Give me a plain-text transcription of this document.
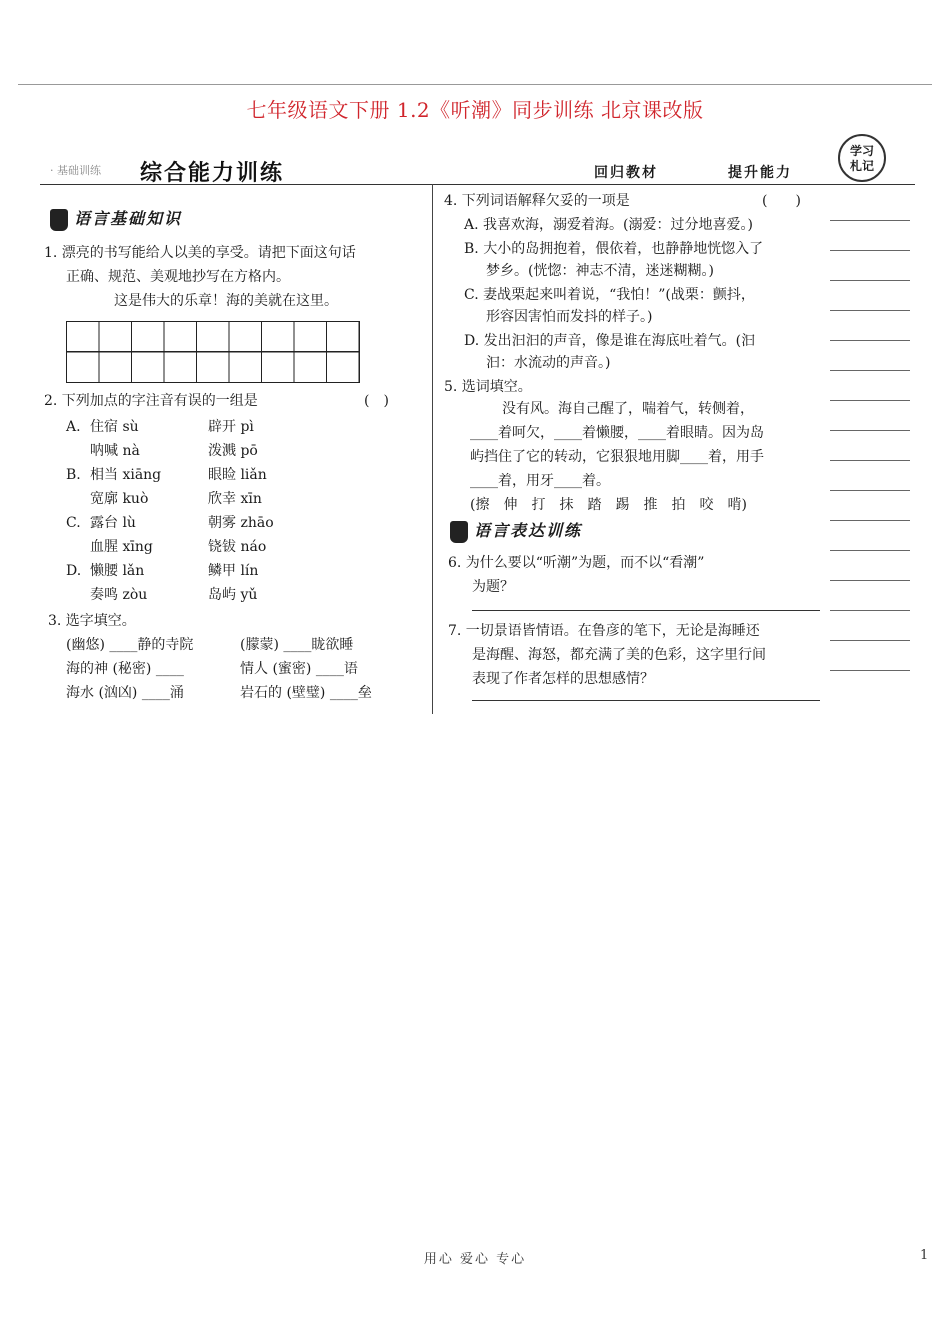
七年级语文下册 1.2《听潮》同步训练 北京课改版
· 基础训练 综合能力训练	回归教材	提升能力
学习
札记
语言基础知识
1. 漂亮的书写能给人以美的享受。请把下面这句话
正确、规范、美观地抄写在方格内。
这是伟大的乐章！海的美就在这里。
2. 下列加点的字注音有误的一组是	(　)
A. 住宿 sù	辟开 pì
呐喊 nà	泼溅 pō
B. 相当 xiāng	眼睑 liǎn
宽廓 kuò	欣幸 xīn
C. 露台 lù	朝雾 zhāo
血腥 xīng	铙钹 náo
D. 懒腰 lǎn	鳞甲 lín
奏鸣 zòu	岛屿 yǔ
3. 选字填空。
(幽悠) ____静的寺院	(朦蒙) ____眬欲睡
海的神 (秘密) ____	情人 (蜜密) ____语
海水 (汹凶) ____涌	岩石的 (壁璧) ____垒
4. 下列词语解释欠妥的一项是	(　　)
A. 我喜欢海，溺爱着海。(溺爱：过分地喜爱。)
B. 大小的岛拥抱着，偎依着，也静静地恍惚入了
梦乡。(恍惚：神志不清，迷迷糊糊。)
C. 妻战栗起来叫着说，“我怕！”(战栗：颤抖，
形容因害怕而发抖的样子。)
D. 发出汩汩的声音，像是谁在海底吐着气。(汩
汩：水流动的声音。)
5. 选词填空。
没有风。海自己醒了，喘着气，转侧着，
____着呵欠，____着懒腰，____着眼睛。因为岛
屿挡住了它的转动，它狠狠地用脚____着，用手
____着，用牙____着。
(擦　伸　打　抹　踏　踢　推　拍　咬　啃)
语言表达训练
6. 为什么要以“听潮”为题，而不以“看潮”
为题？
7. 一切景语皆情语。在鲁彦的笔下，无论是海睡还
是海醒、海怒，都充满了美的色彩，这字里行间
表现了作者怎样的思想感情？
用心 爱心 专心	1
